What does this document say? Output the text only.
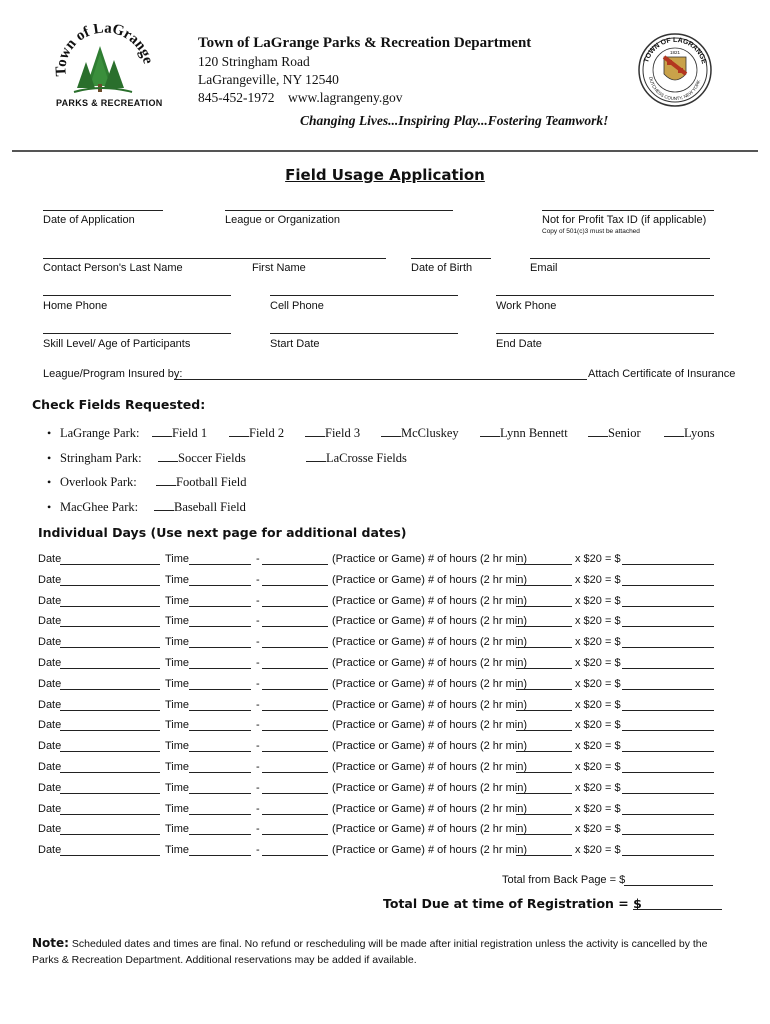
Town of LaGrang
PARKS & RECREATION
Town of LaGrange Parks & Recreation Department
120 Stringham Road
LaGrangeville, NY 12540
845-452-1972    www.lagrangeny.gov
Changing Lives...Inspiring Play...Fostering Teamwork!
TOWN OF LAGRANGE
DUTCHESS COUNTY, NEW YORK
1821
Field Usage Application
Date of Application	League or Organization	Not for Profit Tax ID (if applicable)
Copy of 501(c)3 must be attached
Contact Person's Last Name	First Name	Date of Birth	Email
Home Phone	Cell Phone	Work Phone
Skill Level/ Age of Participants	Start Date	End Date
League/Program Insured by:	Attach Certificate of Insurance
Check Fields Requested:
• LaGrange Park:	Field 1	Field 2	Field 3	McCluskey	Lynn Bennett	Senior	Lyons
• Stringham Park:	Soccer Fields	LaCrosse Fields
• Overlook Park:	Football Field
• MacGhee Park:	Baseball Field
Individual Days (Use next page for additional dates)
Date	Time	-	(Practice or Game) # of hours (2 hr min)	x $20 = $
Date	Time	-	(Practice or Game) # of hours (2 hr min)	x $20 = $
Date	Time	-	(Practice or Game) # of hours (2 hr min)	x $20 = $
Date	Time	-	(Practice or Game) # of hours (2 hr min)	x $20 = $
Date	Time	-	(Practice or Game) # of hours (2 hr min)	x $20 = $
Date	Time	-	(Practice or Game) # of hours (2 hr min)	x $20 = $
Date	Time	-	(Practice or Game) # of hours (2 hr min)	x $20 = $
Date	Time	-	(Practice or Game) # of hours (2 hr min)	x $20 = $
Date	Time	-	(Practice or Game) # of hours (2 hr min)	x $20 = $
Date	Time	-	(Practice or Game) # of hours (2 hr min)	x $20 = $
Date	Time	-	(Practice or Game) # of hours (2 hr min)	x $20 = $
Date	Time	-	(Practice or Game) # of hours (2 hr min)	x $20 = $
Date	Time	-	(Practice or Game) # of hours (2 hr min)	x $20 = $
Date	Time	-	(Practice or Game) # of hours (2 hr min)	x $20 = $
Date	Time	-	(Practice or Game) # of hours (2 hr min)	x $20 = $
Total from Back Page = $
Total Due at time of Registration = $
Note: Scheduled dates and times are final. No refund or rescheduling will be made after initial registration unless the activity is cancelled by the Parks & Recreation Department. Additional reservations may be added if available.
